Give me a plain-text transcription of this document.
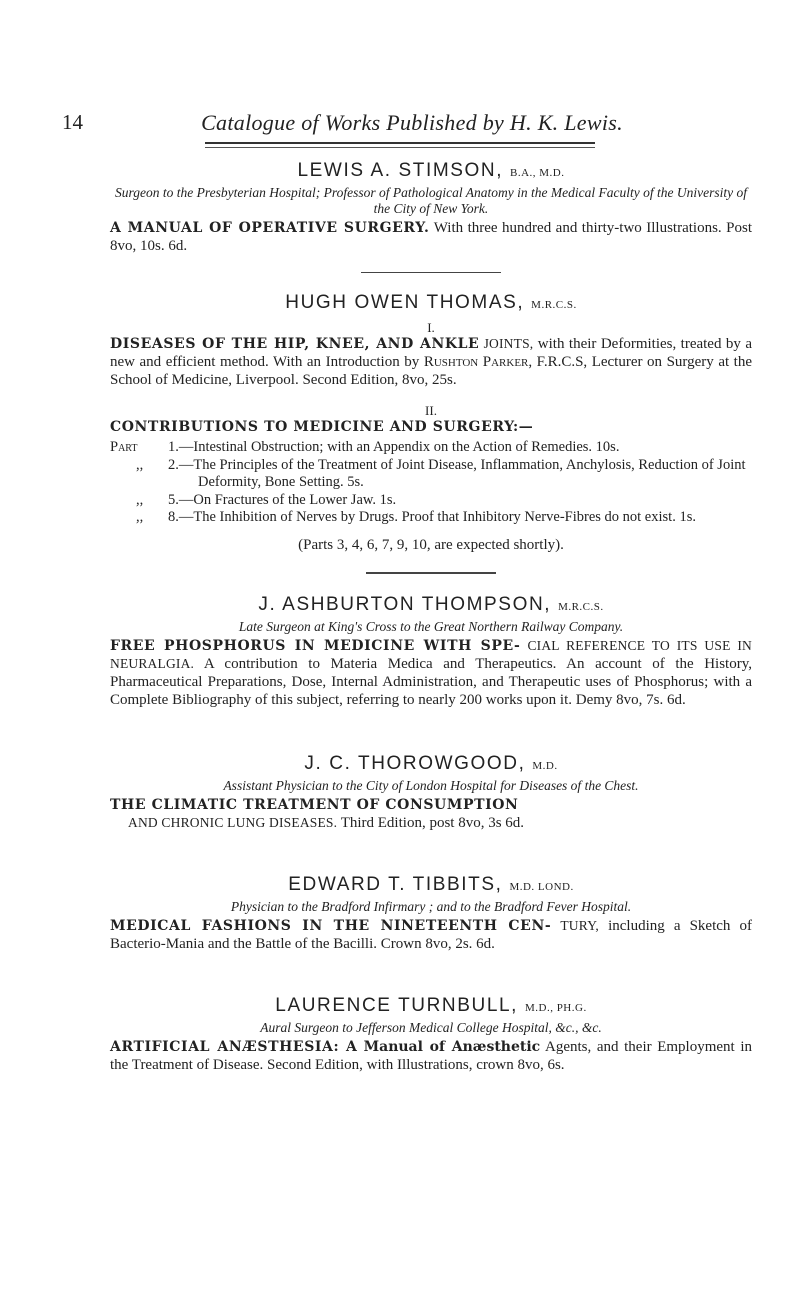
14	Catalogue of Works Published by H. K. Lewis.

LEWIS A. STIMSON, B.A., M.D.

Surgeon to the Presbyterian Hospital; Professor of Pathological Anatomy in the Medical Faculty of the University of the City of New York.

A MANUAL OF OPERATIVE SURGERY. With three hundred and thirty-two Illustrations. Post 8vo, 10s. 6d.

HUGH OWEN THOMAS, M.R.C.S.

I.

DISEASES OF THE HIP, KNEE, AND ANKLE JOINTS, with their Deformities, treated by a new and efficient method. With an Introduction by Rushton Parker, F.R.C.S, Lecturer on Surgery at the School of Medicine, Liverpool. Second Edition, 8vo, 25s.

II.

CONTRIBUTIONS TO MEDICINE AND SURGERY:—

Part	1.—Intestinal Obstruction; with an Appendix on the Action of Remedies. 10s.
,,	2.—The Principles of the Treatment of Joint Disease, Inflammation, Anchylosis, Reduction of Joint Deformity, Bone Setting. 5s.
,,	5.—On Fractures of the Lower Jaw. 1s.
,,	8.—The Inhibition of Nerves by Drugs. Proof that Inhibitory Nerve-Fibres do not exist. 1s.

(Parts 3, 4, 6, 7, 9, 10, are expected shortly).

J. ASHBURTON THOMPSON, M.R.C.S.

Late Surgeon at King's Cross to the Great Northern Railway Company.

FREE PHOSPHORUS IN MEDICINE WITH SPE- CIAL REFERENCE TO ITS USE IN NEURALGIA. A contribution to Materia Medica and Therapeutics. An account of the History, Pharmaceutical Preparations, Dose, Internal Administration, and Therapeutic uses of Phosphorus; with a Complete Bibliography of this subject, referring to nearly 200 works upon it. Demy 8vo, 7s. 6d.

J. C. THOROWGOOD, M.D.

Assistant Physician to the City of London Hospital for Diseases of the Chest.

THE CLIMATIC TREATMENT OF CONSUMPTION
AND CHRONIC LUNG DISEASES. Third Edition, post 8vo, 3s 6d.

EDWARD T. TIBBITS, M.D. LOND.

Physician to the Bradford Infirmary ; and to the Bradford Fever Hospital.

MEDICAL FASHIONS IN THE NINETEENTH CEN- TURY, including a Sketch of Bacterio-Mania and the Battle of the Bacilli. Crown 8vo, 2s. 6d.

LAURENCE TURNBULL, M.D., PH.G.

Aural Surgeon to Jefferson Medical College Hospital, &c., &c.

ARTIFICIAL ANÆSTHESIA: A Manual of Anæsthetic Agents, and their Employment in the Treatment of Disease. Second Edition, with Illustrations, crown 8vo, 6s.
